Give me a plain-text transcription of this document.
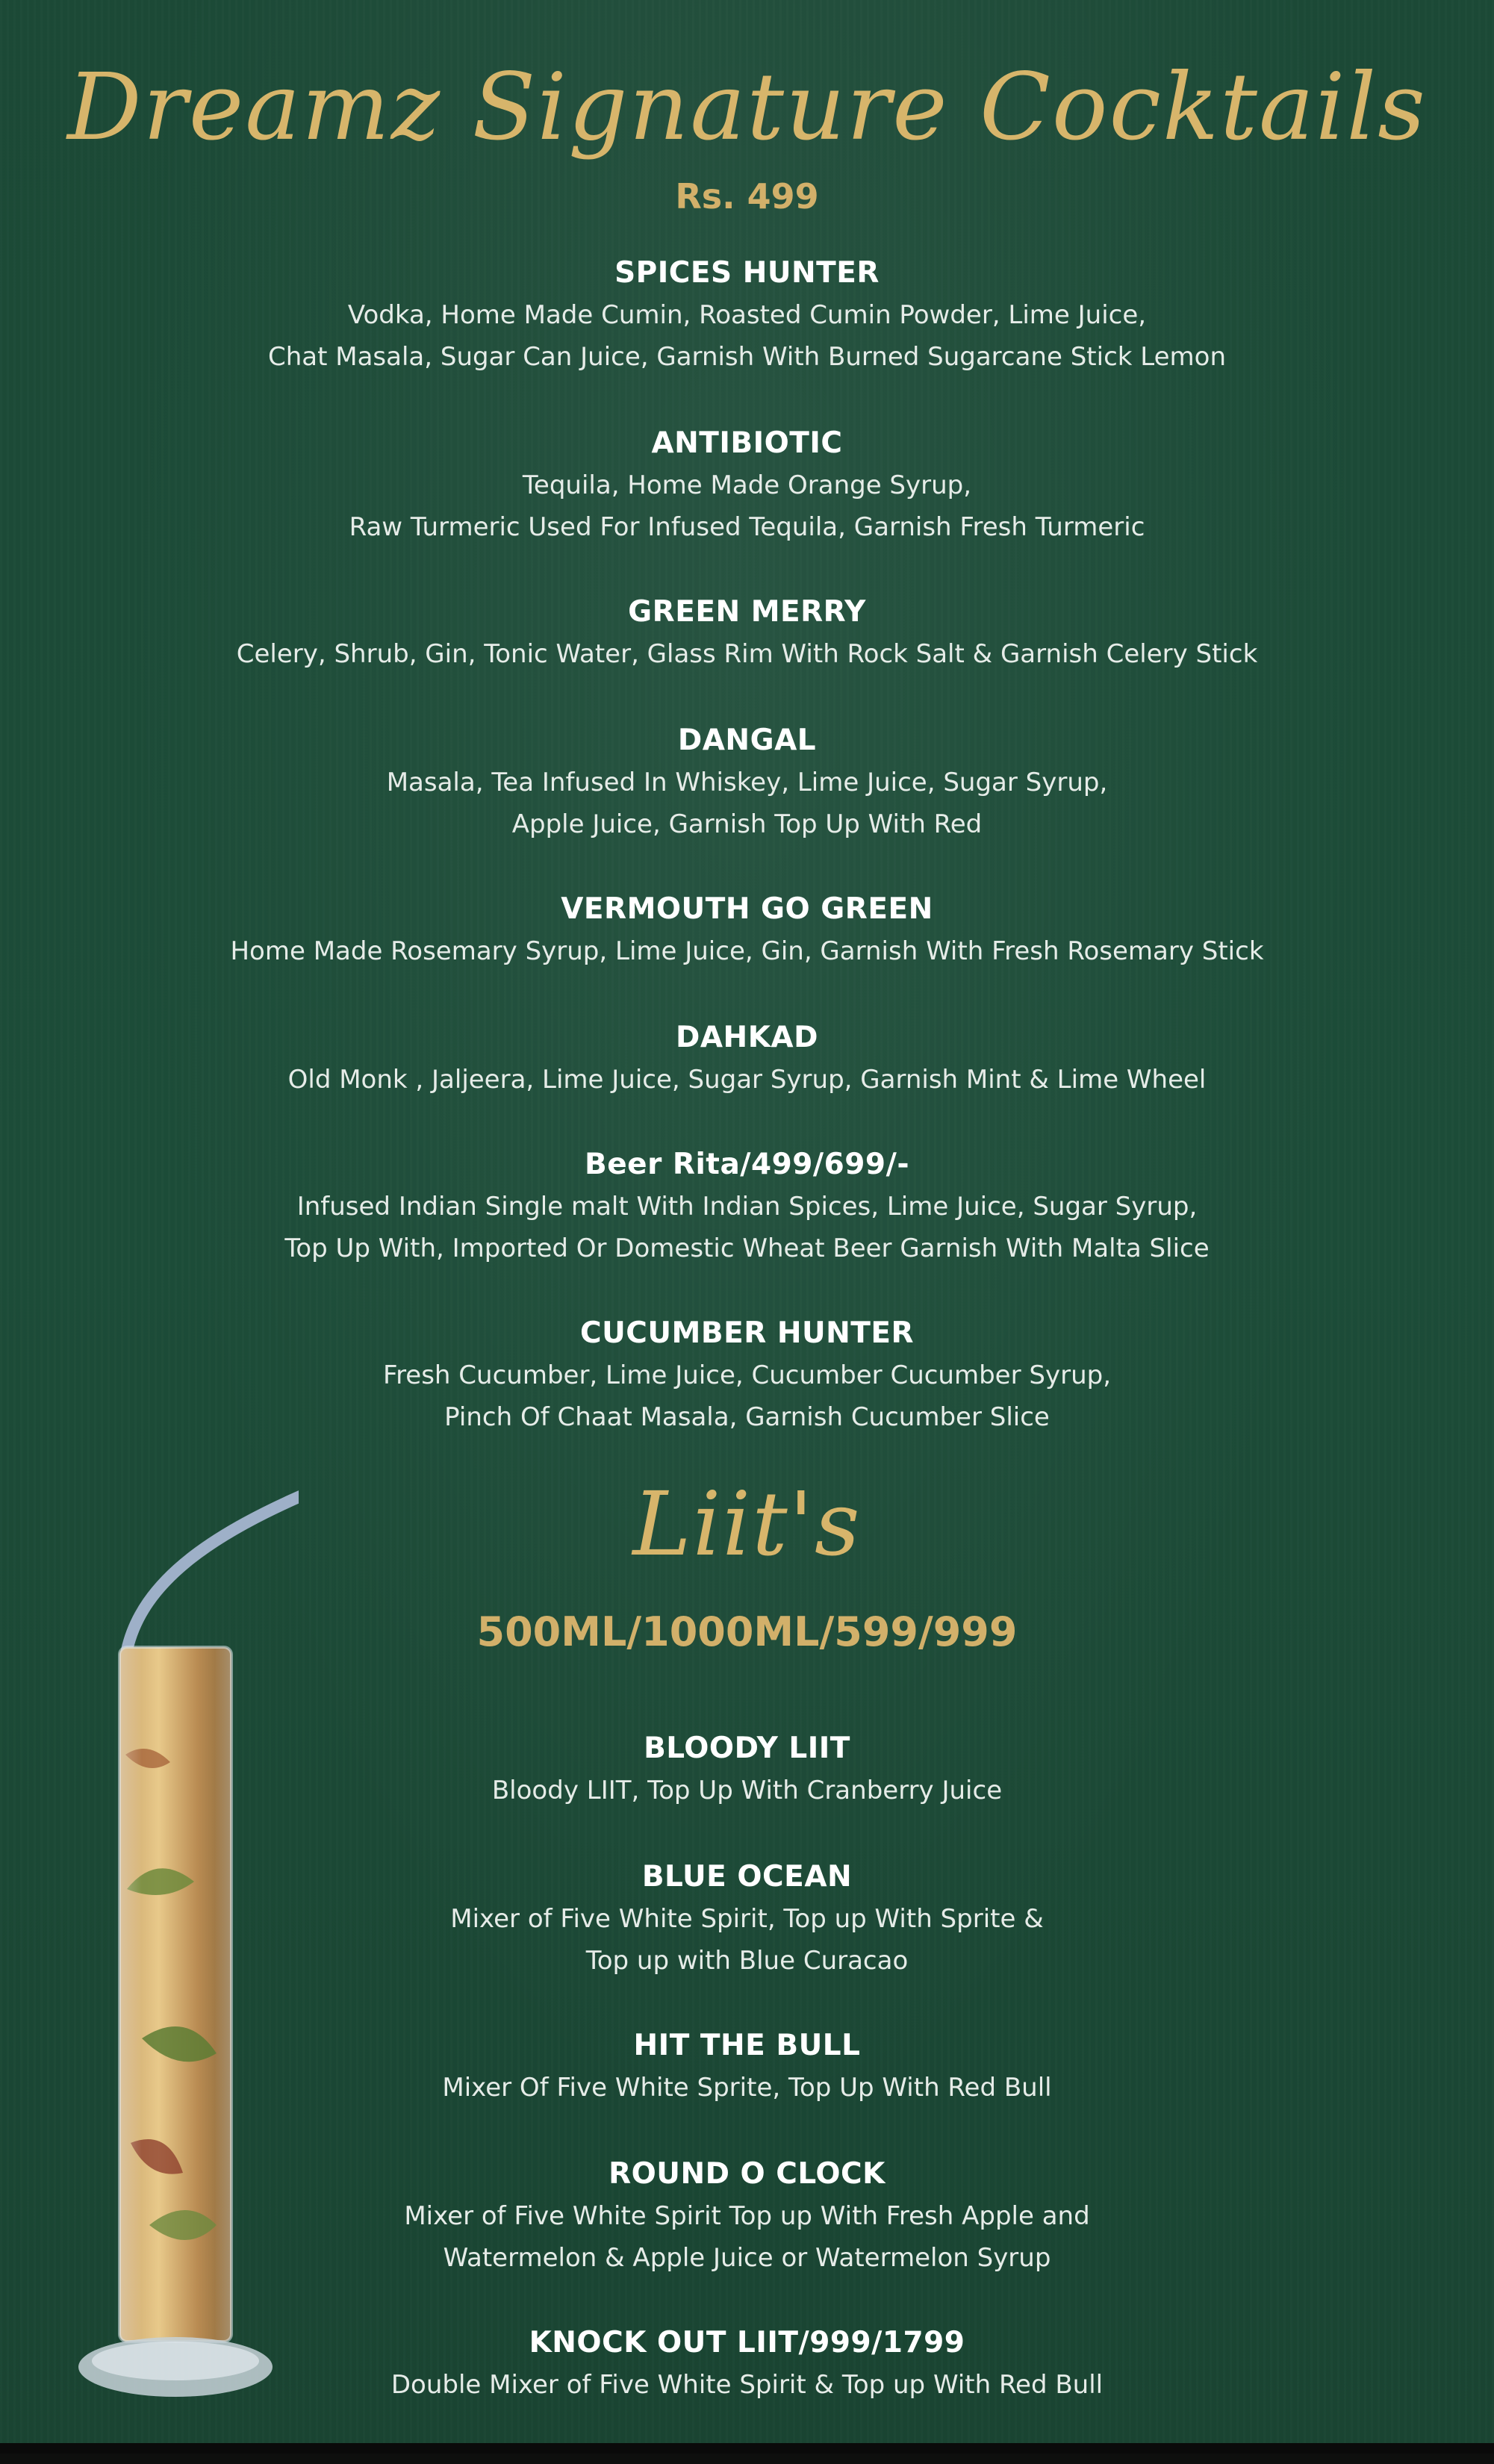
Dreamz Signature Cocktails
Rs. 499
SPICES HUNTER
Vodka, Home Made Cumin, Roasted Cumin Powder, Lime Juice,
Chat Masala, Sugar Can Juice, Garnish With Burned Sugarcane Stick Lemon
ANTIBIOTIC
Tequila, Home Made Orange Syrup,
Raw Turmeric Used For Infused Tequila, Garnish Fresh Turmeric
GREEN MERRY
Celery, Shrub, Gin, Tonic Water, Glass Rim With Rock Salt & Garnish Celery Stick
DANGAL
Masala, Tea Infused In Whiskey, Lime Juice, Sugar Syrup,
Apple Juice, Garnish Top Up With Red
VERMOUTH GO GREEN
Home Made Rosemary Syrup, Lime Juice, Gin, Garnish With Fresh Rosemary Stick
DAHKAD
Old Monk , Jaljeera, Lime Juice, Sugar Syrup, Garnish Mint & Lime Wheel
Beer Rita/499/699/-
Infused Indian Single malt With Indian Spices, Lime Juice, Sugar Syrup,
Top Up With, Imported Or Domestic Wheat Beer Garnish With Malta Slice
CUCUMBER HUNTER
Fresh Cucumber, Lime Juice, Cucumber Cucumber Syrup,
Pinch Of Chaat Masala, Garnish Cucumber Slice
Liit's
500ML/1000ML/599/999
BLOODY LIIT
Bloody LIIT, Top Up With Cranberry Juice
BLUE OCEAN
Mixer of Five White Spirit, Top up With Sprite &
Top up with Blue Curacao
HIT THE BULL
Mixer Of Five White Sprite, Top Up With Red Bull
ROUND O CLOCK
Mixer of Five White Spirit Top up With Fresh Apple and
Watermelon & Apple Juice or Watermelon Syrup
KNOCK OUT LIIT/999/1799
Double Mixer of Five White Spirit & Top up With Red Bull
